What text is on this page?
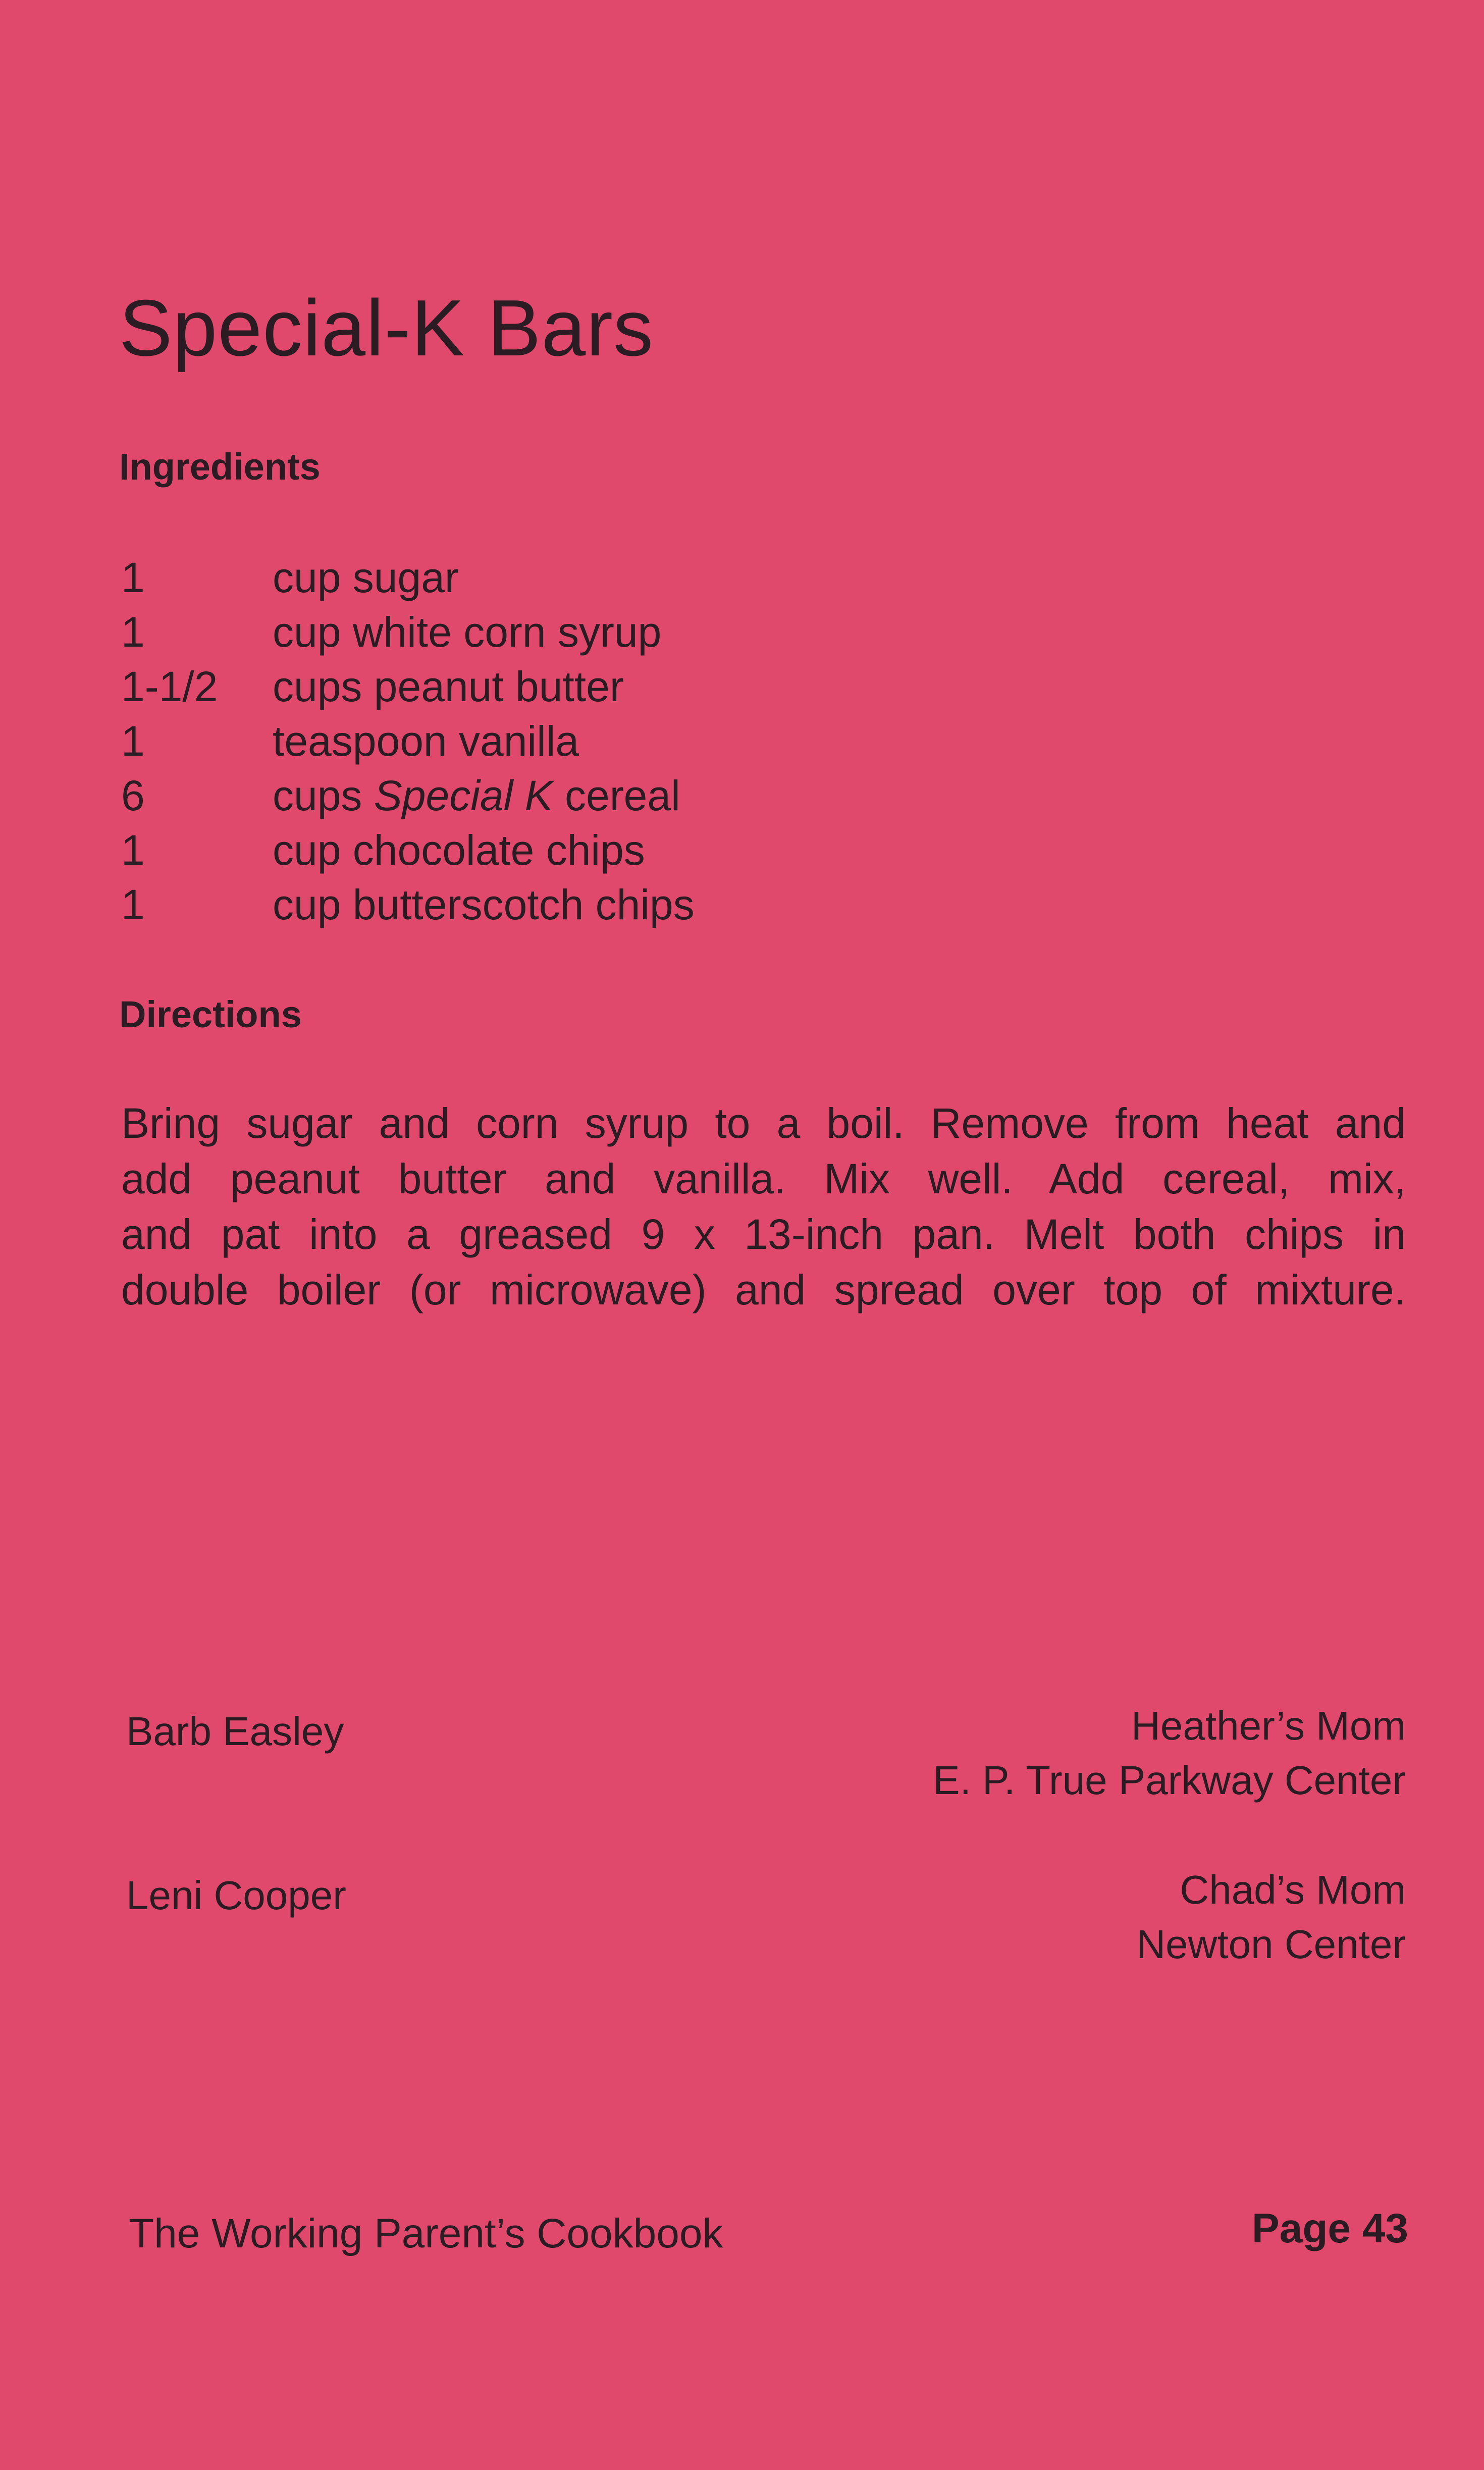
Special-K Bars
Ingredients
1	cup sugar
1	cup white corn syrup
1-1/2	cups peanut butter
1	teaspoon vanilla
6	cups Special K cereal
1	cup chocolate chips
1	cup butterscotch chips
Directions

Bring sugar and corn syrup to a boil. Remove from heat and
add peanut butter and vanilla. Mix well. Add cereal, mix,
and pat into a greased 9 x 13-inch pan. Melt both chips in
double boiler (or microwave) and spread over top of mixture.

Barb Easley	Heather’s Mom
E. P. True Parkway Center

Leni Cooper	Chad’s Mom
Newton Center

The Working Parent’s Cookbook	Page 43
